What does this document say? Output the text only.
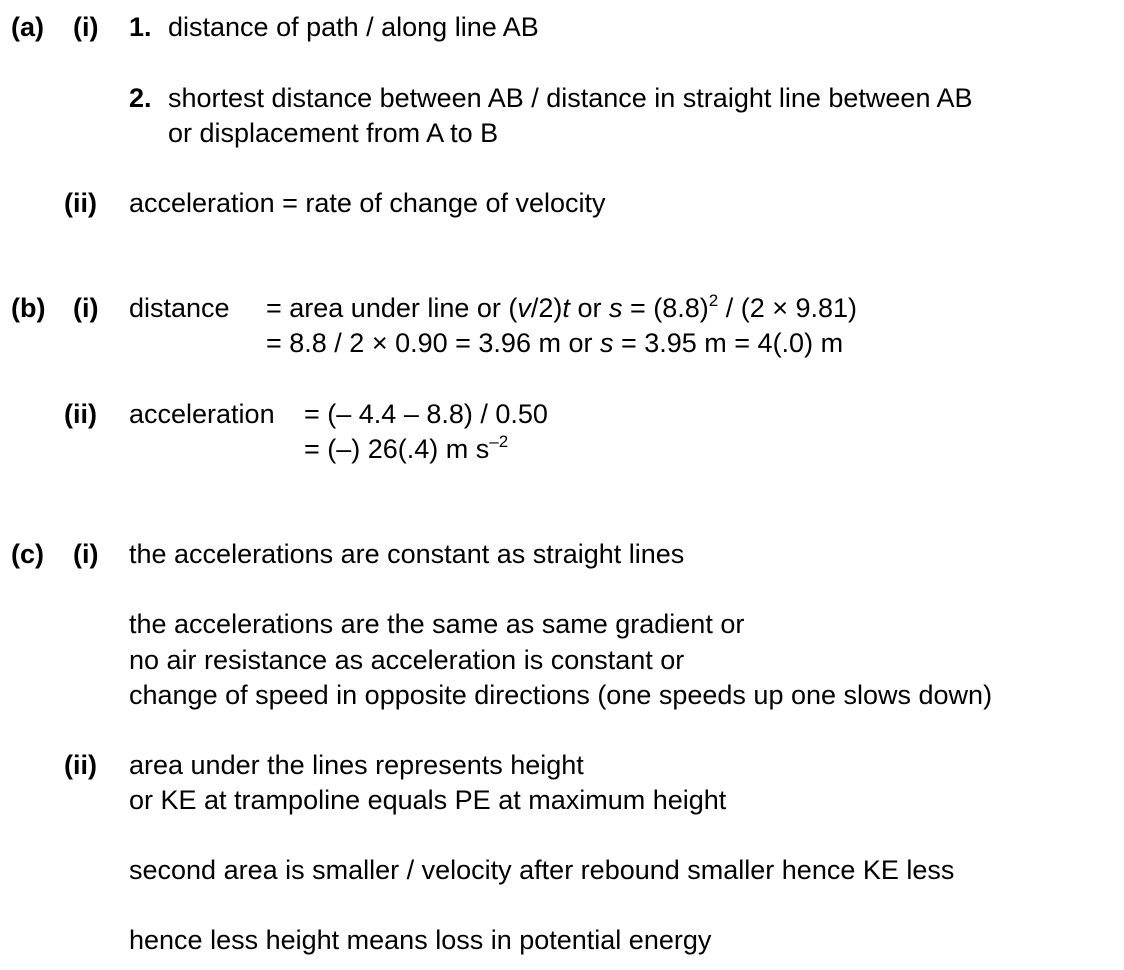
(a) (i) 1. distance of path / along line AB
2. shortest distance between AB / distance in straight line between AB
or displacement from A to B
(ii) acceleration = rate of change of velocity
(b) (i) distance = area under line or (v/2)t or $s = (8.8)^2 / (2 \times 9.81)$
= 8.8 / 2 × 0.90 = 3.96 m or s = 3.95 m = 4(.0) m
(ii) acceleration = (– 4.4 – 8.8) / 0.50
= (–) 26(.4) m $s^{-2}$
(c) (i) the accelerations are constant as straight lines
the accelerations are the same as same gradient or
no air resistance as acceleration is constant or
change of speed in opposite directions (one speeds up one slows down)
(ii) area under the lines represents height
or KE at trampoline equals PE at maximum height
second area is smaller / velocity after rebound smaller hence KE less
hence less height means loss in potential energy
